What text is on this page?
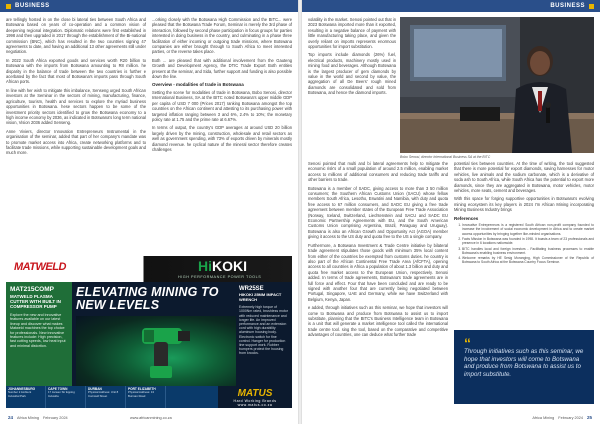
BUSINESS

are tellingly hosted in on the close bi lateral ties between South Africa and Botswana based on years of co-operation and a common vision of deepening regional integration. Diplomatic relations were first established in 1998 and then upgraded in 2017 through the establishment of the Bi-national commission (BNC), which has resulted in the two countries signing 47 agreements to date, and having an additional 13 other agreements still under negotiation.

In 2022 South Africa exported goods and services worth R20 billion to Botswana with the imports from Botswana amounting to R8 million. he disparity in the balance of trade between the two countries is further e acerbated by the fact that most of Botswana's imports pass through South African ports.

In line with her wish to mitigate this imbalance, Senseng urged South African investors at the Seminar in the sectors of mining, manufacturing, finance, agriculture, tourism, health and services to explore the myriad business opportunities in Botswana. hese sectors happen to be some of the investment priority sectors identified to grow the Botswana economy to a high income economy by 2036, as indicated in Botswana's long term national vision, Vision 2036 added Senseng.

Anne Viviers, director Innovation Entrepreneurs Instrumental in the organisation of the seminar, added that part of her company's mandate was to promote market access into Africa, create networking platforms and to facilitate trade missions, while supporting sustainable development goals and much more.

...orking closely with the Botswana High Commission and the BITC... were pleased that the Botswana Trade Forum, Seminar is merely the 3rd phase of interaction, followed by second phase participation in focus groups for parties interested in doing business in the country, and culminating in a phase three facilitation of either incoming or outgoing trade missions, where Botswana companies are either brought through to South Africa to meet interested parties, or the reverse takes place.

Both ... are pleased that with additional involvement from the Gauteng Growth and Development Agency, the DTIC Trade Export Both entities present at the seminar, and Sida, further support and funding is also possible down the line.

Overview - modalities of trade in Botswana

Setting the scene for modalities of trade in Botswana, Bobo Senosi, director International Business, SA at the BITC noted Botswana's upper middle GDP per capita of USD 7 000 (Prices 2017) ranking Botswana amongst the top countries on the African continent and attesting to its purchasing power with targeted inflation ranging between 3 and 6%, 2.4% to 10%; the monetary policy rate at 1.75 and the prime rate at 6.67%.

In terms of output, the country's GDP averages at around USD 20 billion largely driven by the mining, construction, wholesale and retail sectors as well as government spending, with 73% of exports driven by minerals mostly diamond revenue. he cyclical nature of the mineral sector therefore creates challenges

MATWELD	HiKOKI
HIGH PERFORMANCE POWER TOOLS
MAT215COMP
MATWELD PLASMA CUTTER WITH BUILT IN COMPRESSOR PUMP
Explore the new and innovative features available on our latest lineup and discover what makes Matweld machines the top choice for professionals. New innovative features include: High precision, fast cutting speeds, low heat input and minimal distortion.
ELEVATING MINING TO NEW LEVELS
WR25SE
HIKOKI 25MM IMPACT WRENCH
Extremely high torque of 1000Nm rated, brushless motor with reduced maintenance and longer life. An improved performance and an extension cord with high durability aluminum housing body. Electronic switch for fine control. Hanger for production line support work. Rubber bumpers protect the housing from knocks.
JOHANNESBURG
Number 2 Ambient Industrial Park
CAPE TOWN
17 Jansen Str Epping Industria
DURBAN
Physical Address: Unit 8 Cornwell Street
PORT ELIZABETH
Physical Address: 13 Burman Road	MATUS
Hard Working Brands
www.matus.co.za
24 Africa Mining February 2024	www.africanmining.co.za
BUSINESS

volatility in the market. Senosi pointed out that in 2023 Botswana imported more than it exported, resulting in a negative balance of payment with little manufacturing taking place, and given the overly reliant on imports represents enormous opportunities for import substitution.

Top imports include diamonds (26%) fuel, electrical products, machinery mostly used in mining food and beverages. Although Botswana is the largest producer of gem diamonds by value in the world and second by value, the aggregation of all De Beers' rough mined diamonds are consolidated and sold from Botswana, and hence the diamond imports.

Bobo Senosi, director International Business SA at the BITC

Senosi pointed that multi and bi lateral agreements help to mitigate the economic risk's of a small population of around 2.5 million, enabling market access to millions of additional consumers and reducing trade tariffs and other barriers to trade.

Botswana is a member of SADC, giving access to more than 3 50 million consumers; the Southern African Customs Union (SACU) whose fellow members South Africa, Lesotho, Eswatini and Namibia, with duty and quota free access to 67 million consumers, and SADC EU giving a free trade agreement between member states of the European Free Trade Association (Norway, Iceland, Switzerland, Liechtenstein and SACU and SADC EU Economic Partnership Agreements with EU, and the South American Customs Union comprising Argentina, Brazil, Paraguay and Uruguay). Botswana is also an African Growth and Opportunity Act (AGOA) member giving it access to the US duty and quota free to the US a single company.

Furthermore, a Botswana Investment & Trade Centre initiative by bilateral trade agreement stipulates those goods with minimum 35% local content from either of the countries be exempted from customs duties. he country is also part of the African Continental Free Trade Area (AfCFTA), opening access to all countries in Africa a population of about 1.3 billion and duty and quota free market access to the European Union, respectively. Senosi added. In terms of trade agreements, Botswana's trade agreements are in full force and effect. Four that have been concluded and are ready to be signed with another four that are currently being negotiated between Portugal, Singapore, UAE and Germany, while we have Switzerland with Belgium, Kenya, Japan.

e added, through initiatives such as this seminar, we hope that investors will come to Botswana and produce from Botswana to assist us to import substitute, planning that the BITC's Business Intelligence team in Botswana is a unit that will generate a market intelligence tool called the international trade centre tool. sing the tool, based on the comparative and competitive advantages of countries, one can deduce what further trade

potential ties between countries. At the time of writing, the tool suggested that there is more potential for export diamonds, saving harnesses for motor vehicles, live animals and the sodium carbonate, which is a derivative of soda ash to South Africa, while South Africa has the potential to export more diamonds, since they are aggregated in Botswana, motor vehicles, motor vehicles, more seats, cement and beverages.

With this space for forging supportive opportunities in Botswana's evolving mining ecosystem its key players in 2024 I'm African Mining incorporating Mining Business Industry brings

References
1. Innovative Entrepreneurs is a registered South African non-profit company founded to increase the involvement of social economic development in Africa and to create market access opportunities by bringing together like-minded organisations.
2. Facts Mission in Botswana was founded in 1998. It boasts a team of 23 professionals and presence in 6 locations nationwide.
3. BITC handles local and foreign investors - Facilitating business processes to enable Botswana's enabling business environment.
4. Welcome remarks by HE Sesig Moranging, High Commissioner of the Republic of Botswana to South Africa at the Botswana Country Focus Seminar.
“
Through initiatives such as this seminar, we hope that investors will come to Botswana and produce from Botswana to assist us to import substitute.
Africa Mining February 2024 25
